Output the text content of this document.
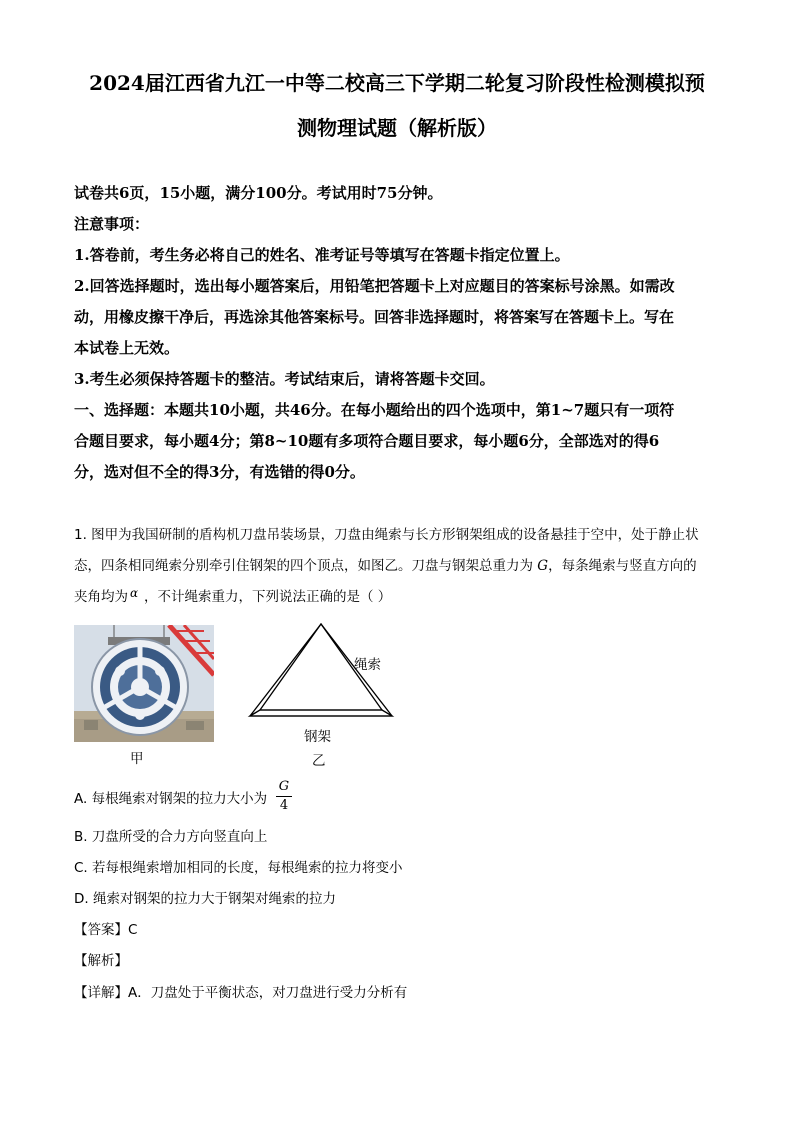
2024届江西省九江一中等二校高三下学期二轮复习阶段性检测模拟预
测物理试题（解析版）
试卷共6页，15小题，满分100分。考试用时75分钟。
注意事项：
1.答卷前，考生务必将自己的姓名、准考证号等填写在答题卡指定位置上。
2.回答选择题时，选出每小题答案后，用铅笔把答题卡上对应题目的答案标号涂黑。如需改
动，用橡皮擦干净后，再选涂其他答案标号。回答非选择题时，将答案写在答题卡上。写在
本试卷上无效。
3.考生必须保持答题卡的整洁。考试结束后，请将答题卡交回。
一、选择题：本题共10小题，共46分。在每小题给出的四个选项中，第1~7题只有一项符
合题目要求，每小题4分；第8~10题有多项符合题目要求，每小题6分，全部选对的得6
分，选对但不全的得3分，有选错的得0分。
1. 图甲为我国研制的盾构机刀盘吊装场景，刀盘由绳索与长方形钢架组成的设备悬挂于空中，处于静止状
态，四条相同绳索分别牵引住钢架的四个顶点，如图乙。刀盘与钢架总重力为 G，每条绳索与竖直方向的
夹角均为 ，不计绳索重力，下列说法正确的是（ ）
α
甲
绳索
钢架
乙
A. 每根绳索对钢架的拉力大小为
G
4
B. 刀盘所受的合力方向竖直向上
C. 若每根绳索增加相同的长度，每根绳索的拉力将变小
D. 绳索对钢架的拉力大于钢架对绳索的拉力
【答案】C
【解析】
【详解】A．刀盘处于平衡状态，对刀盘进行受力分析有
